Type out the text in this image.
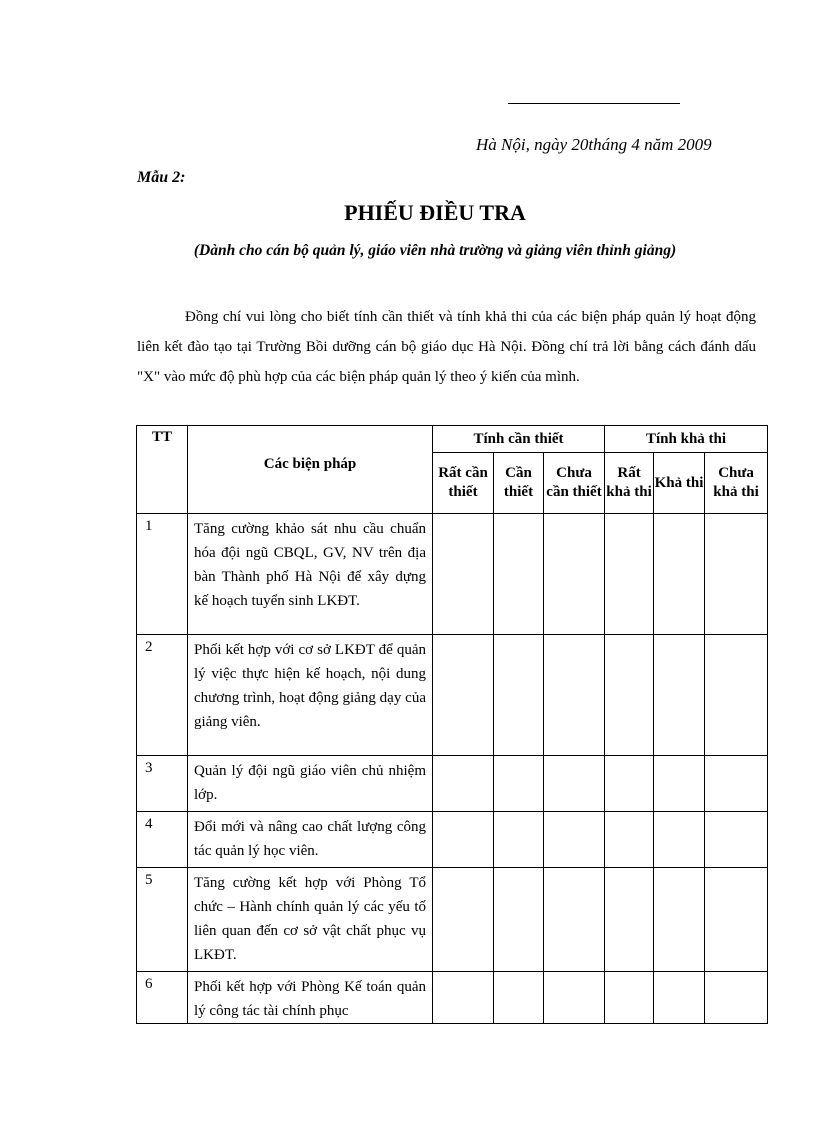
Hà Nội, ngày 20tháng 4 năm 2009
Mẫu 2:
PHIẾU ĐIỀU TRA
(Dành cho cán bộ quản lý, giáo viên nhà trường và giảng viên thỉnh giảng)

Đồng chí vui lòng cho biết tính cần thiết và tính khả thi của các biện pháp quản lý hoạt động liên kết đào tạo tại Trường Bồi dưỡng cán bộ giáo dục Hà Nội. Đồng chí trả lời bằng cách đánh dấu "X" vào mức độ phù hợp của các biện pháp quản lý theo ý kiến của mình.

TT	Các biện pháp	Tính cần thiết			Tính khả thi		
		Rất cần thiết	Cần thiết	Chưa cần thiết	Rất khả thi	Khả thi	Chưa khả thi
1	Tăng cường khảo sát nhu cầu chuẩn hóa đội ngũ CBQL, GV, NV trên địa bàn Thành phố Hà Nội để xây dựng kế hoạch tuyển sinh LKĐT.						
2	Phối kết hợp với cơ sở LKĐT để quản lý việc thực hiện kế hoạch, nội dung chương trình, hoạt động giảng dạy của giảng viên.						
3	Quản lý đội ngũ giáo viên chủ nhiệm lớp.						
4	Đổi mới và nâng cao chất lượng công tác quản lý học viên.						
5	Tăng cường kết hợp với Phòng Tổ chức – Hành chính quản lý các yếu tố liên quan đến cơ sở vật chất phục vụ LKĐT.						
6	Phối kết hợp với Phòng Kế toán quản lý công tác tài chính phục						
